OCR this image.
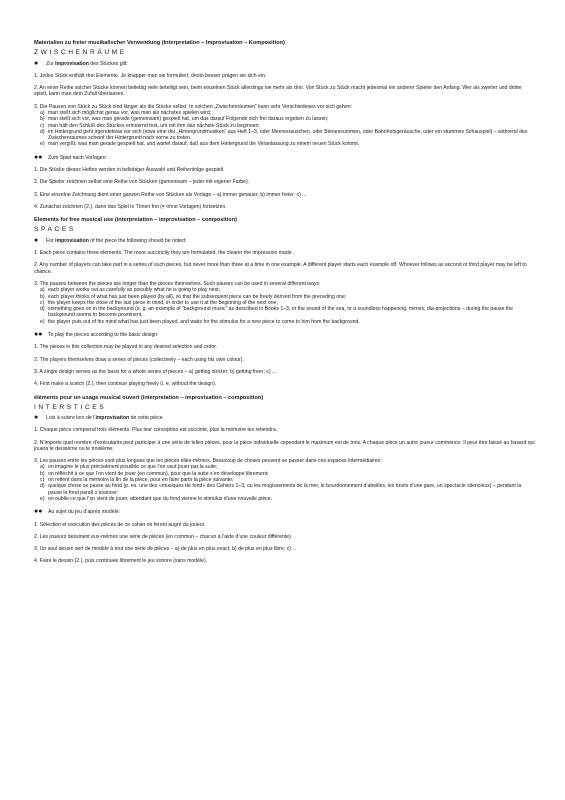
Materialien zu freier musikalischer Verwendung (Interpretation – Improvisation – Komposition)
ZWISCHENRÄUME
●	Zur Improvisation des Stückes gilt:
1. Jedes Stück enthält drei Elemente. Je knapper man sie formuliert, desto besser prägen sie sich ein.
2. An einer Reihe solcher Stücke können beliebig viele beteiligt sein, beim einzelnen Stück allerdings nie mehr als drei. Von Stück zu Stück macht jedesmal ein anderer Spieler den Anfang. Wer als zweiter und dritter spielt, kann man dem Zufall überlassen.
3. Die Pausen von Stück zu Stück sind länger als die Stücke selbst. In solchen „Zwischenräumen“ kann sehr Verschiedenes vor sich gehen:
a) man stellt sich möglichst genau vor, was man als nächstes spielen wird;
b) man stellt sich vor, was man gerade (gemeinsam) gespielt hat, um das darauf Folgende sich frei daraus ergeben zu lassen;
c) man hält den Schluß des Stückes erinnernd fest, um mit ihm das nächste Stück zu beginnen;
d) im Hintergrund geht irgendetwas vor sich (etwa eine der „Hintergrundmusiken“ aus Heft 1–3, oder Meeresrauschen, oder Bienensummen, oder Bahnhofsgeräusche, oder ein stummes Schauspiel) – während des Zwischenraumes scheint der Hintergrund nach vorne zu treten.
e) man vergißt, was man gerade gespielt hat, und wartet darauf, daß aus dem Hintergrund die Veranlassung zu einem neuen Stück kommt.
●●	Zum Spiel nach Vorlagen:
1. Die Stücke dieses Heftes werden in beliebiger Auswahl und Reihenfolge gespielt.
2. Die Spieler zeichnen selbst eine Reihe von Stücken (gemeinsam – jeder mit eigener Farbe).
3. Eine einzelne Zeichnung dient einer ganzen Reihe von Stücken als Vorlage – a) immer genauer; b) immer freier; c) ...
4. Zunächst zeichnen (2.), dann das Spiel in Tönen frei (= ohne Vorlagen) fortsetzen.
Elements for free musical use (interpretation – improvisation – composition)
SPACES
●	For improvisation of the piece the following should be noted:
1. Each piece contains three elements. The more succinctly they are formulated, the clearer the impression made.
2. Any number of players can take part in a series of such pieces, but never more than three at a time in one example. A different player starts each example off. Whoever follows as second or third player may be left to chance.
3. The pauses between the pieces are longer than the pieces themselves. Such pauses can be used in several different ways:
a) each player works out as carefully as possibly what he is going to play next;
b) each player thinks of what has just been played (by all), so that the subsequent piece can be freely derived from the preceding one;
c) the player keeps the close of the last piece in mind, in order to use it at the beginning of the next one;
d) something goes on in the background (e. g. an example of “background music” as described in Books 1–3, or the sound of the sea, or a soundless happening, mimes, dia-projections – during the pause the background seems to become prominent.
e) the player puts out of his mind what has just been played, and waits for the stimulus for a new piece to come to him from the background.
●●	To play the pieces according to the basic design:
1. The pieces in this collection may be played in any desired selection and order.
2. The players themselves draw a series of pieces (collectively – each using his own colour).
3. A single design serves as the basis for a whole series of pieces – a) getting stricter; b) getting freer; c) ...
4. First make a scetch (2.), then continue playing freely (i. e. without the design).
éléments pour un usage musical ouvert (interpretation – improvisation – composition)
INTERSTICES
●	Lois à suivre lors de l’improvisation de cette pièce.
1. Chaque pièce comprend trois éléments. Plus leur conception est succinte, plus la mémoire les retiendra.
2. N’importe quel nombre d’exécutants peut participer à une série de telles pièces, pour la pièce individuelle cependant le maximum est de trois. A chaque pièce un autre joueur commence. Il peut être laissé au hasard qui jouera le deuxième ou le troisième.
3. Les pauses entre les pièces sont plus longues que les pièces elles-mêmes. Beaucoup de choses peuvent se passer dans ces espaces intermédiaires:
a) on imagine le plus précisément possible ce que l’on veut jouer par la suite;
b) on réfléchit à ce que l’on vient de jouer (en commun), pour que la suite s’en développe librement;
c) on retient dans la mémoire la fin de la pièce, pour en faire partir la pièce suivante;
d) quelque chose se passe au fond (p. ex. une des «musiques de fond» des Cahiers 1–3, ou les mugissements de la mer, le bourdonnement d’abeilles, les bruits d’une gare, un spectacle silencieux) – pendant la pause le fond paraît s’avancer;
e) on oublie ce que l’on vient de jouer, attendant que du fond vienne le stimulus d’une nouvelle pièce.
●●	Au sujet du jeu d’après modèle:
1. Sélection et exécution des pièces de ce cahier se feront augré du joueur.
2. Les joueurs dessinent eux-mêmes une série de pièces (en commun – chacun à l’aide d’une couleur différente).
3. Un seul dessin sert de modèle à tout une série de pièces – a) de plus en plus exact; b) de plus en plus libre; c) ...
4. Faire le dessin (2.), puis continuee librement le jeu sonore (sans modèle).
